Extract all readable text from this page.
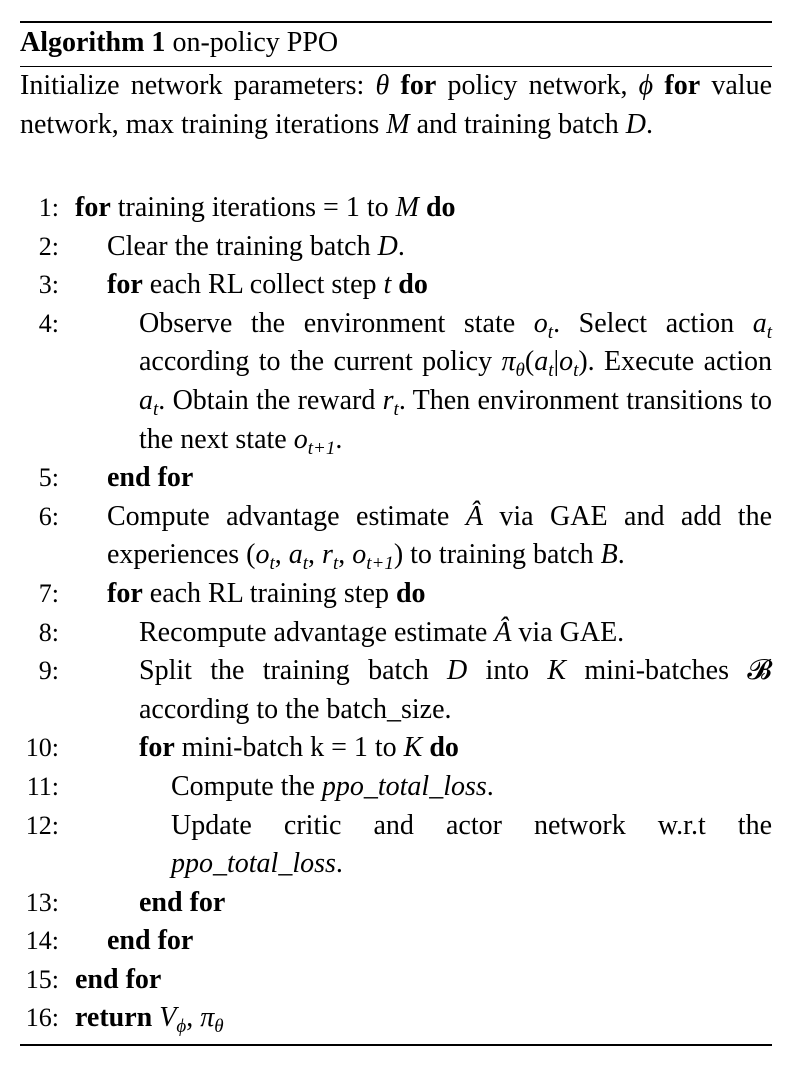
Algorithm 1 on-policy PPO
Initialize network parameters: θ for policy network, ϕ for value network, max training iterations M and training batch D.
1: for training iterations = 1 to M do
2: Clear the training batch D.
3: for each RL collect step t do
4:	Observe the environment state $o_t$. Select action $a_t$ according to the current policy $\pi_\theta(a_t|o_t)$. Execute action $a_t$. Obtain the reward $r_t$. Then environment transitions to the next state $o_{t+1}$.
5: end for
6: Compute advantage estimate Â via GAE and add the experiences ($o_t$, $a_t$, $r_t$, $o_{t+1}$) to training batch B.
7: for each RL training step do
8:	Recompute advantage estimate Â via GAE.
9:	Split the training batch D into K mini-batches 𝓑 according to the batch_size.
10:	for mini-batch k = 1 to K do
11:	Compute the ppo_total_loss.
12:	Update critic and actor network w.r.t the ppo_total_loss.
13:	end for
14: end for
15: end for
16: return $V_\phi$, $\pi_\theta$
